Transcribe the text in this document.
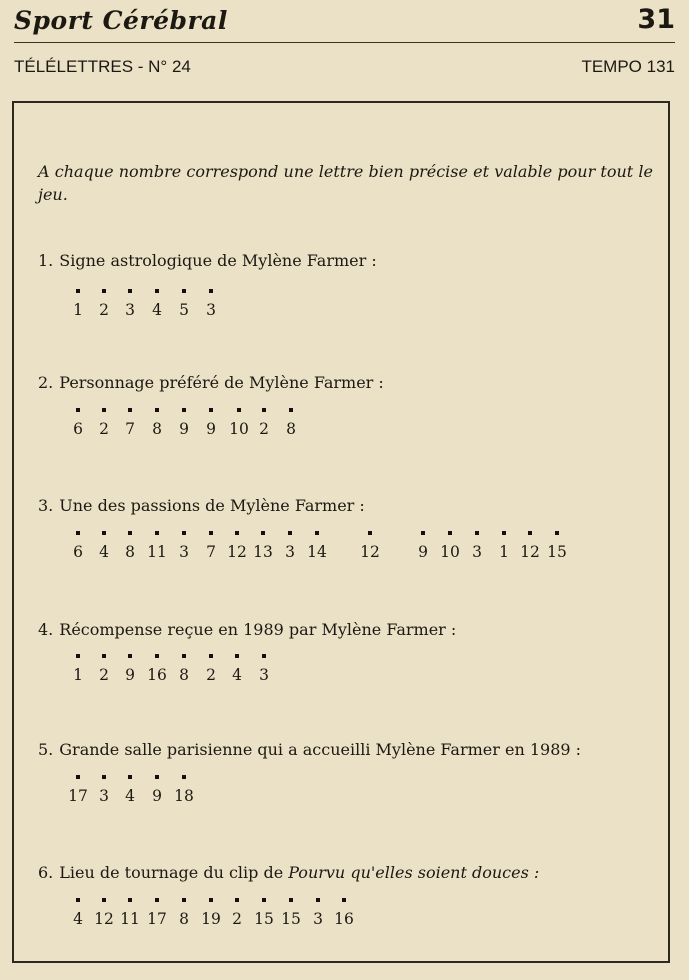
Sport Cérébral	31
TÉLÉLETTRES - N° 24	TEMPO 131
A chaque nombre correspond une lettre bien précise et valable pour tout le jeu.
1. Signe astrologique de Mylène Farmer :
1	2	3	4	5	3
2. Personnage préféré de Mylène Farmer :
6	2	7	8	9	9 10 2	8
3. Une des passions de Mylène Farmer :
6	4	8 11 3	7 12 13 3 14	12	9 10 3	1 12 15
4. Récompense reçue en 1989 par Mylène Farmer :
1	2	9 16 8	2	4	3
5. Grande salle parisienne qui a accueilli Mylène Farmer en 1989 :
17 3	4	9 18
6. Lieu de tournage du clip de Pourvu qu'elles soient douces :
4 12 11 17 8 19 2 15 15 3 16
